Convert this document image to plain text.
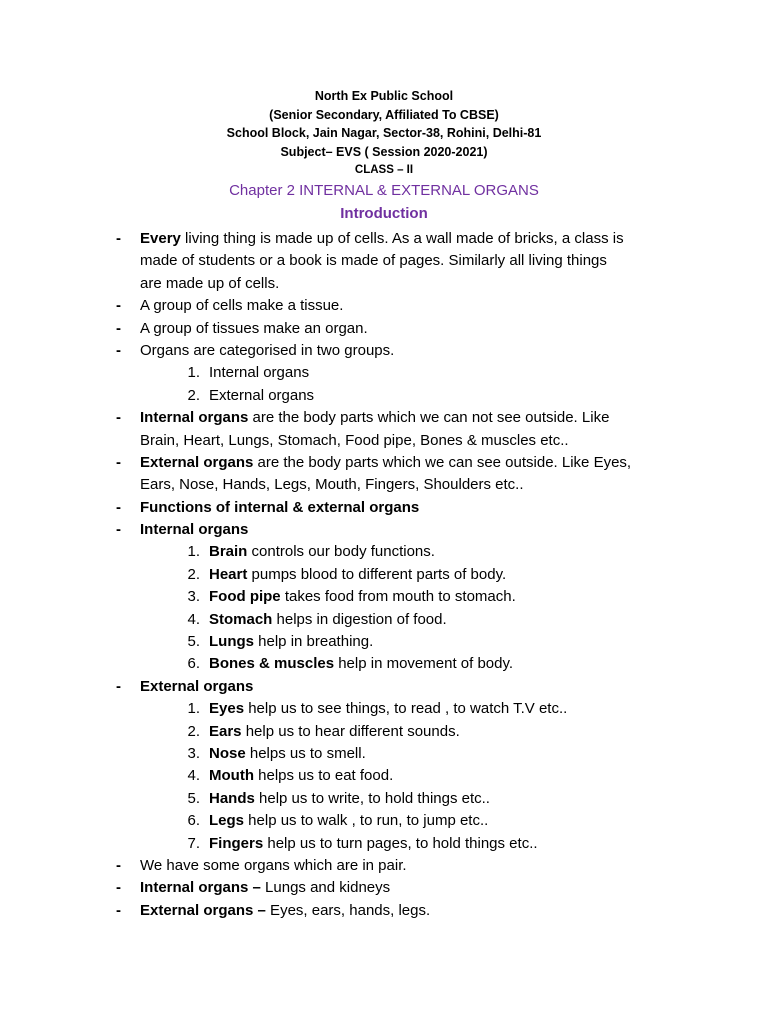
North Ex Public School
(Senior Secondary, Affiliated To CBSE)
School Block, Jain Nagar, Sector-38, Rohini, Delhi-81
Subject– EVS ( Session 2020-2021)
CLASS – II
Chapter 2 INTERNAL & EXTERNAL ORGANS
Introduction
- Every living thing is made up of cells. As a wall made of bricks, a class is
made of students or a book is made of pages. Similarly all living things
are made up of cells.
- A group of cells make a tissue.
- A group of tissues make an organ.
- Organs are categorised in two groups.
1. Internal organs
2. External organs
- Internal organs are the body parts which we can not see outside. Like
Brain, Heart, Lungs, Stomach, Food pipe, Bones & muscles etc..
- External organs are the body parts which we can see outside. Like Eyes,
Ears, Nose, Hands, Legs, Mouth, Fingers, Shoulders etc..
- Functions of internal & external organs
- Internal organs
1. Brain controls our body functions.
2. Heart pumps blood to different parts of body.
3. Food pipe takes food from mouth to stomach.
4. Stomach helps in digestion of food.
5. Lungs help in breathing.
6. Bones & muscles help in movement of body.
- External organs
1. Eyes help us to see things, to read , to watch T.V etc..
2. Ears help us to hear different sounds.
3. Nose helps us to smell.
4. Mouth helps us to eat food.
5. Hands help us to write, to hold things etc..
6. Legs help us to walk , to run, to jump etc..
7. Fingers help us to turn pages, to hold things etc..
- We have some organs which are in pair.
- Internal organs – Lungs and kidneys
- External organs – Eyes, ears, hands, legs.
